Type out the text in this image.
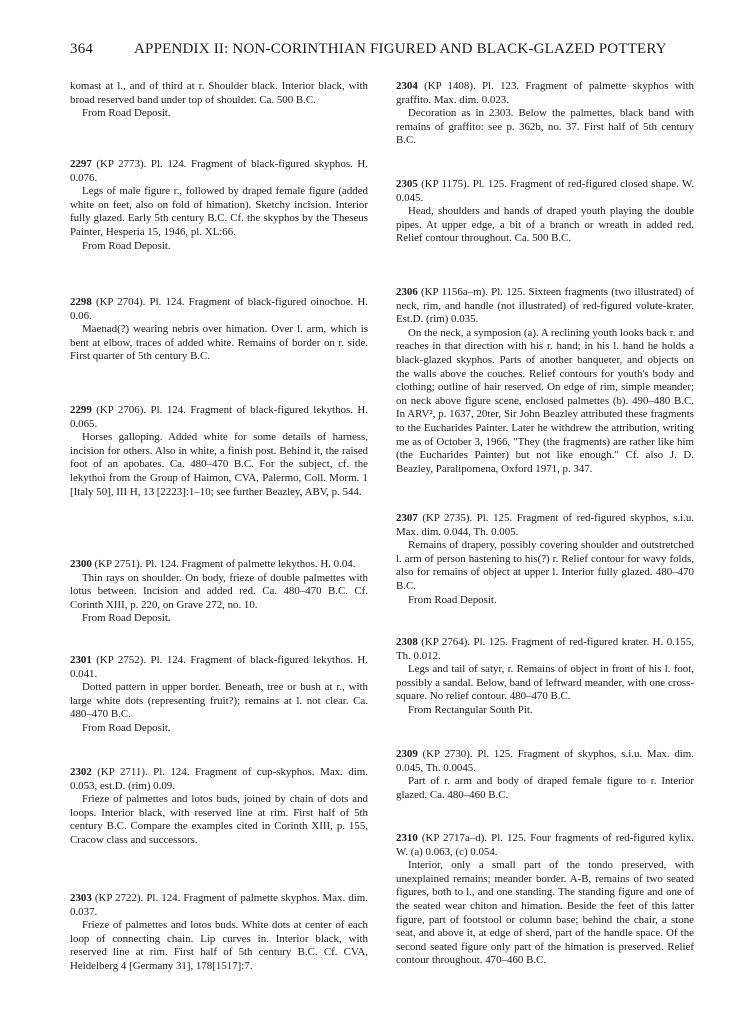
364	APPENDIX II: NON-CORINTHIAN FIGURED AND BLACK-GLAZED POTTERY

komast at l., and of third at r. Shoulder black. Interior black, with broad reserved band under top of shoulder. Ca. 500 B.C.

From Road Deposit.

2297 (KP 2773). Pl. 124. Fragment of black-figured skyphos. H. 0.076.

Legs of male figure r., followed by draped female figure (added white on feet, also on fold of himation). Sketchy incision. Interior fully glazed. Early 5th century B.C. Cf. the skyphos by the Theseus Painter, Hesperia 15, 1946, pl. XL:66.

From Road Deposit.

2298 (KP 2704). Pl. 124. Fragment of black-figured oinochoe. H. 0.06.

Maenad(?) wearing nebris over himation. Over l. arm, which is bent at elbow, traces of added white. Remains of border on r. side. First quarter of 5th century B.C.

2299 (KP 2706). Pl. 124. Fragment of black-figured lekythos. H. 0.065.

Horses galloping. Added white for some details of harness, incision for others. Also in white, a finish post. Behind it, the raised foot of an apobates. Ca. 480–470 B.C. For the subject, cf. the lekythoi from the Group of Haimon, CVA, Palermo, Coll. Morm. 1 [Italy 50], III H, 13 [2223]:1–10; see further Beazley, ABV, p. 544.

2300 (KP 2751). Pl. 124. Fragment of palmette lekythos. H. 0.04.

Thin rays on shoulder. On body, frieze of double palmettes with lotus between. Incision and added red. Ca. 480–470 B.C. Cf. Corinth XIII, p. 220, on Grave 272, no. 10.

From Road Deposit.

2301 (KP 2752). Pl. 124. Fragment of black-figured lekythos. H. 0.041.

Dotted pattern in upper border. Beneath, tree or bush at r., with large white dots (representing fruit?); remains at l. not clear. Ca. 480–470 B.C.

From Road Deposit.

2302 (KP 2711). Pl. 124. Fragment of cup-skyphos. Max. dim. 0.053, est.D. (rim) 0.09.

Frieze of palmettes and lotos buds, joined by chain of dots and loops. Interior black, with reserved line at rim. First half of 5th century B.C. Compare the examples cited in Corinth XIII, p. 155, Cracow class and successors.

2303 (KP 2722). Pl. 124. Fragment of palmette skyphos. Max. dim. 0.037.

Frieze of palmettes and lotos buds. White dots at center of each loop of connecting chain. Lip curves in. Interior black, with reserved line at rim. First half of 5th century B.C. Cf. CVA, Heidelberg 4 [Germany 31], 178[1517]:7.

2304 (KP 1408). Pl. 123. Fragment of palmette skyphos with graffito. Max. dim. 0.023.

Decoration as in 2303. Below the palmettes, black band with remains of graffito: see p. 362b, no. 37. First half of 5th century B.C.

2305 (KP 1175). Pl. 125. Fragment of red-figured closed shape. W. 0.045.

Head, shoulders and hands of draped youth playing the double pipes. At upper edge, a bit of a branch or wreath in added red. Relief contour throughout. Ca. 500 B.C.

2306 (KP 1156a–m). Pl. 125. Sixteen fragments (two illustrated) of neck, rim, and handle (not illustrated) of red-figured volute-krater. Est.D. (rim) 0.035.

On the neck, a symposion (a). A reclining youth looks back r. and reaches in that direction with his r. hand; in his l. hand he holds a black-glazed skyphos. Parts of another banqueter, and objects on the walls above the couches. Relief contours for youth's body and clothing; outline of hair reserved. On edge of rim, simple meander; on neck above figure scene, enclosed palmettes (b). 490–480 B.C. In ARV², p. 1637, 20ter, Sir John Beazley attributed these fragments to the Eucharides Painter. Later he withdrew the attribution, writing me as of October 3, 1966, "They (the fragments) are rather like him (the Eucharides Painter) but not like enough." Cf. also J. D. Beazley, Paralipomena, Oxford 1971, p. 347.

2307 (KP 2735). Pl. 125. Fragment of red-figured skyphos, s.i.u. Max. dim. 0.044, Th. 0.005.

Remains of drapery, possibly covering shoulder and outstretched l. arm of person hastening to his(?) r. Relief contour for wavy folds, also for remains of object at upper l. Interior fully glazed. 480–470 B.C.

From Road Deposit.

2308 (KP 2764). Pl. 125. Fragment of red-figured krater. H. 0.155, Th. 0.012.

Legs and tail of satyr, r. Remains of object in front of his l. foot, possibly a sandal. Below, band of leftward meander, with one cross-square. No relief contour. 480–470 B.C.

From Rectangular South Pit.

2309 (KP 2730). Pl. 125. Fragment of skyphos, s.i.u. Max. dim. 0.045, Th. 0.0045.

Part of r. arm and body of draped female figure to r. Interior glazed. Ca. 480–460 B.C.

2310 (KP 2717a–d). Pl. 125. Four fragments of red-figured kylix. W. (a) 0.063, (c) 0.054.

Interior, only a small part of the tondo preserved, with unexplained remains; meander border. A-B, remains of two seated figures, both to l., and one standing. The standing figure and one of the seated wear chiton and himation. Beside the feet of this latter figure, part of footstool or column base; behind the chair, a stone seat, and above it, at edge of sherd, part of the handle space. Of the second seated figure only part of the himation is preserved. Relief contour throughout. 470–460 B.C.
